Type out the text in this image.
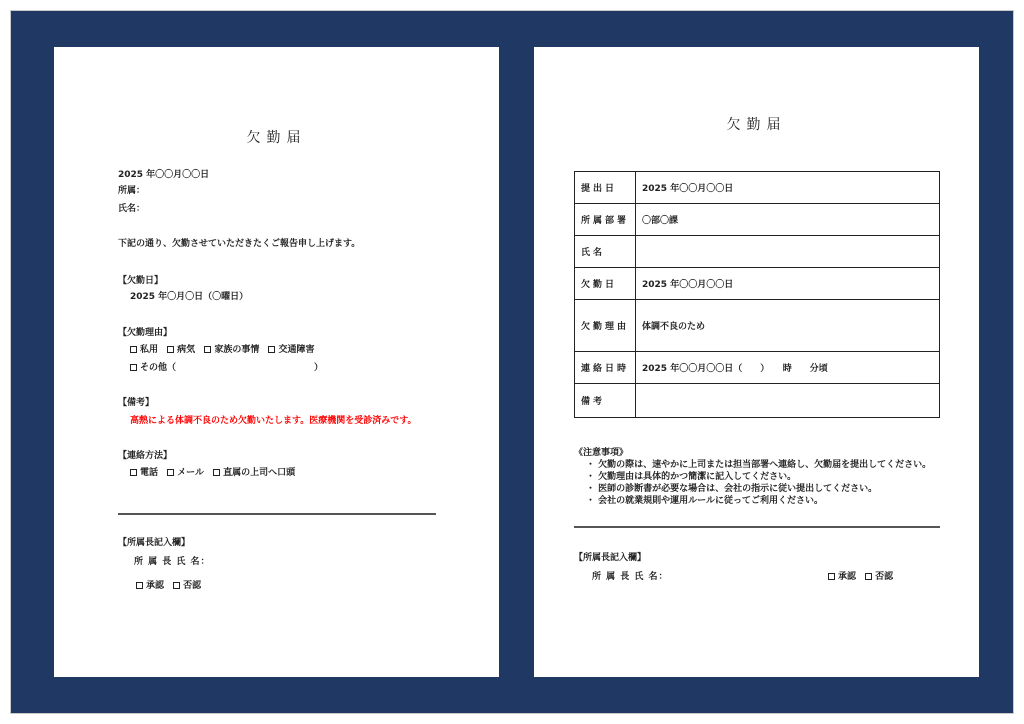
欠勤届
2025 年〇〇月〇〇日
所属：
氏名：
下記の通り、欠勤させていただきたくご報告申し上げます。
【欠勤日】
2025 年〇月〇日（〇曜日）
【欠勤理由】
私用 病気 家族の事情 交通障害
その他（	）
【備考】
高熱による体調不良のため欠勤いたします。医療機関を受診済みです。
【連絡方法】
電話 メール 直属の上司へ口頭
【所属長記入欄】
所 属 長 氏 名：
承認 否認
欠勤届
提出日	2025 年〇〇月〇〇日
所属部署	〇部〇課
氏名	
欠勤日	2025 年〇〇月〇〇日
欠勤理由	体調不良のため
連絡日時	2025 年〇〇月〇〇日（　　）　　時　　分頃
備考	
《注意事項》
・ 欠勤の際は、速やかに上司または担当部署へ連絡し、欠勤届を提出してください。
・ 欠勤理由は具体的かつ簡潔に記入してください。
・ 医師の診断書が必要な場合は、会社の指示に従い提出してください。
・ 会社の就業規則や運用ルールに従ってご利用ください。
【所属長記入欄】
所 属 長 氏 名：	承認 否認
